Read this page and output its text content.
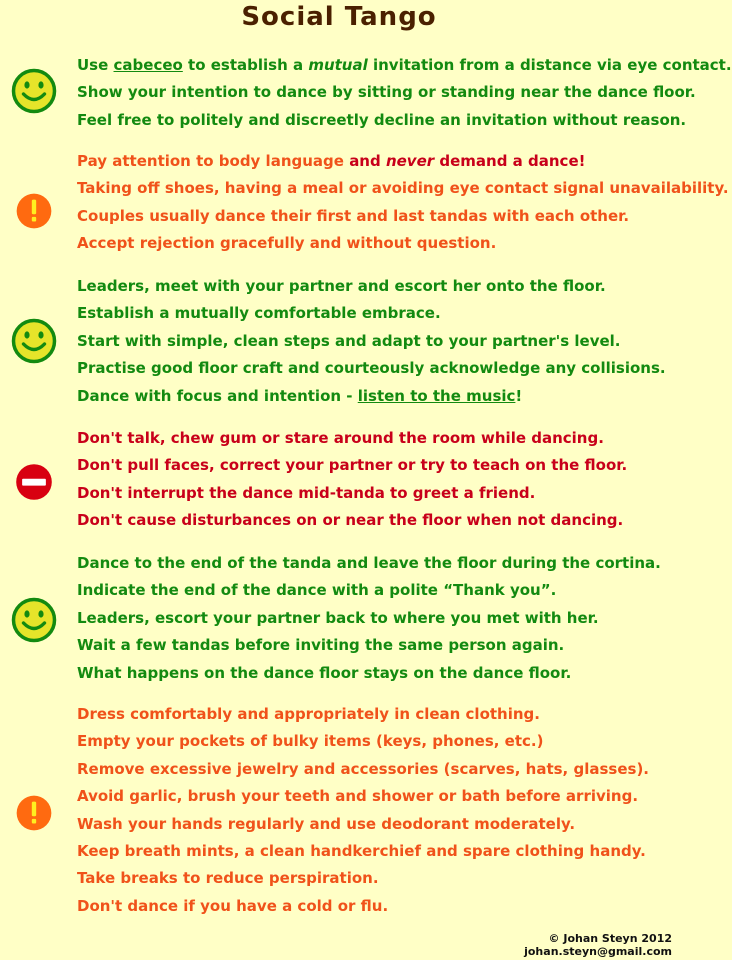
Social Tango
Use cabeceo to establish a mutual invitation from a distance via eye contact.
Show your intention to dance by sitting or standing near the dance floor.
Feel free to politely and discreetly decline an invitation without reason.
Pay attention to body language and never demand a dance!
Taking off shoes, having a meal or avoiding eye contact signal unavailability.
Couples usually dance their first and last tandas with each other.
Accept rejection gracefully and without question.
Leaders, meet with your partner and escort her onto the floor.
Establish a mutually comfortable embrace.
Start with simple, clean steps and adapt to your partner's level.
Practise good floor craft and courteously acknowledge any collisions.
Dance with focus and intention - listen to the music!
Don't talk, chew gum or stare around the room while dancing.
Don't pull faces, correct your partner or try to teach on the floor.
Don't interrupt the dance mid-tanda to greet a friend.
Don't cause disturbances on or near the floor when not dancing.
Dance to the end of the tanda and leave the floor during the cortina.
Indicate the end of the dance with a polite “Thank you”.
Leaders, escort your partner back to where you met with her.
Wait a few tandas before inviting the same person again.
What happens on the dance floor stays on the dance floor.
Dress comfortably and appropriately in clean clothing.
Empty your pockets of bulky items (keys, phones, etc.)
Remove excessive jewelry and accessories (scarves, hats, glasses).
Avoid garlic, brush your teeth and shower or bath before arriving.
Wash your hands regularly and use deodorant moderately.
Keep breath mints, a clean handkerchief and spare clothing handy.
Take breaks to reduce perspiration.
Don't dance if you have a cold or flu.
© Johan Steyn 2012
johan.steyn@gmail.com
